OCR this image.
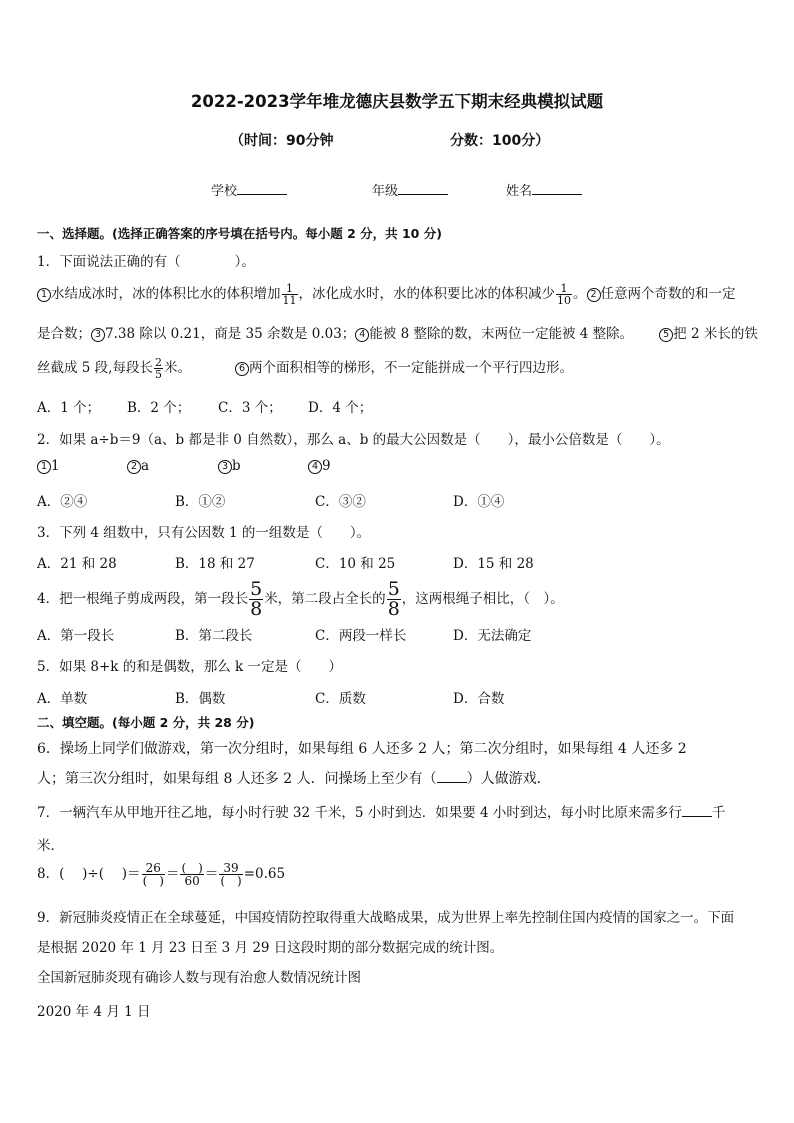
2022-2023学年堆龙德庆县数学五下期末经典模拟试题
（时间：90分钟	分数：100分）
学校	年级	姓名
一、选择题。(选择正确答案的序号填在括号内。每小题 2 分，共 10 分)
1．下面说法正确的有（　　　　）。
1 水结成冰时，冰的体积比水的体积增加 $\frac{1}{11}$ ，冰化成水时，水的体积要比冰的体积减少 $\frac{1}{10}$ 。 2 任意两个奇数的和一定
是合数； 3 7.38 除以 0.21，商是 35 余数是 0.03； 4 能被 8 整除的数，末两位一定能被 4 整除。	5 把 2 米长的铁
丝截成 5 段,每段长 $\frac{2}{5}$ 米。	6 两个面积相等的梯形，不一定能拼成一个平行四边形。
A．1 个； B．2 个； C．3 个； D．4 个；
2．如果 a÷b＝9（a、b 都是非 0 自然数），那么 a、b 的最大公因数是（　　），最小公倍数是（　　）。
1 1	2 a	3 b	4 9
A．②④	B．①②	C．③②	D．①④
3．下列 4 组数中，只有公因数 1 的一组数是（　　）。
A．21 和 28	B．18 和 27	C．10 和 25	D．15 和 28
4．把一根绳子剪成两段，第一段长 $\frac{5}{8}$ 米，第二段占全长的 $\frac{5}{8}$ ，这两根绳子相比，（　）。
A．第一段长	B．第二段长	C．两段一样长	D．无法确定
5．如果 8+k 的和是偶数，那么 k 一定是（　　）
A．单数	B．偶数	C．质数	D．合数
二、填空题。(每小题 2 分，共 28 分)
6．操场上同学们做游戏，第一次分组时，如果每组 6 人还多 2 人；第二次分组时，如果每组 4 人还多 2
人；第三次分组时，如果每组 8 人还多 2 人．问操场上至少有（ ）人做游戏．
7．一辆汽车从甲地开往乙地，每小时行驶 32 千米，5 小时到达．如果要 4 小时到达，每小时比原来需多行 千
米．
8．(　 )÷(　 )＝ $\frac{26}{( )} = \frac{( )}{60} = \frac{39}{( )} =0.65$
9．新冠肺炎疫情正在全球蔓延，中国疫情防控取得重大战略成果，成为世界上率先控制住国内疫情的国家之一。下面
是根据 2020 年 1 月 23 日至 3 月 29 日这段时期的部分数据完成的统计图。
全国新冠肺炎现有确诊人数与现有治愈人数情况统计图
2020 年 4 月 1 日
